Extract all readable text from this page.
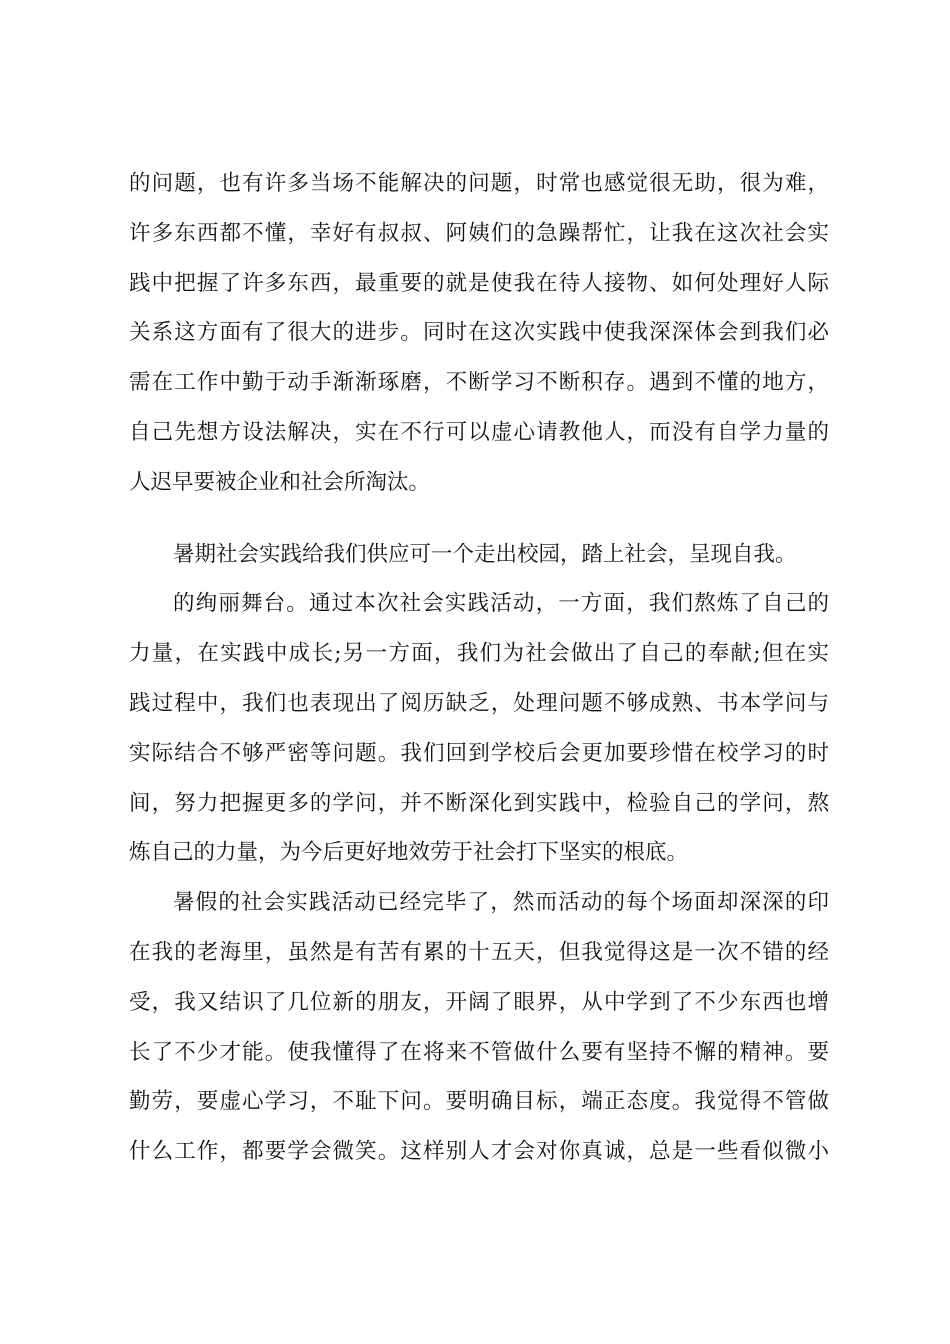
的问题，也有许多当场不能解决的问题，时常也感觉很无助，很为难，
许多东西都不懂，幸好有叔叔、阿姨们的急躁帮忙，让我在这次社会实
践中把握了许多东西，最重要的就是使我在待人接物、如何处理好人际
关系这方面有了很大的进步。同时在这次实践中使我深深体会到我们必
需在工作中勤于动手渐渐琢磨，不断学习不断积存。遇到不懂的地方，
自己先想方设法解决，实在不行可以虚心请教他人，而没有自学力量的
人迟早要被企业和社会所淘汰。
暑期社会实践给我们供应可一个走出校园，踏上社会，呈现自我。
的绚丽舞台。通过本次社会实践活动，一方面，我们熬炼了自己的
力量，在实践中成长;另一方面，我们为社会做出了自己的奉献;但在实
践过程中，我们也表现出了阅历缺乏，处理问题不够成熟、书本学问与
实际结合不够严密等问题。我们回到学校后会更加要珍惜在校学习的时
间，努力把握更多的学问，并不断深化到实践中，检验自己的学问，熬
炼自己的力量，为今后更好地效劳于社会打下坚实的根底。
暑假的社会实践活动已经完毕了，然而活动的每个场面却深深的印
在我的老海里，虽然是有苦有累的十五天，但我觉得这是一次不错的经
受，我又结识了几位新的朋友，开阔了眼界，从中学到了不少东西也增
长了不少才能。使我懂得了在将来不管做什么要有坚持不懈的精神。要
勤劳，要虚心学习，不耻下问。要明确目标，端正态度。我觉得不管做
什么工作，都要学会微笑。这样别人才会对你真诚，总是一些看似微小
